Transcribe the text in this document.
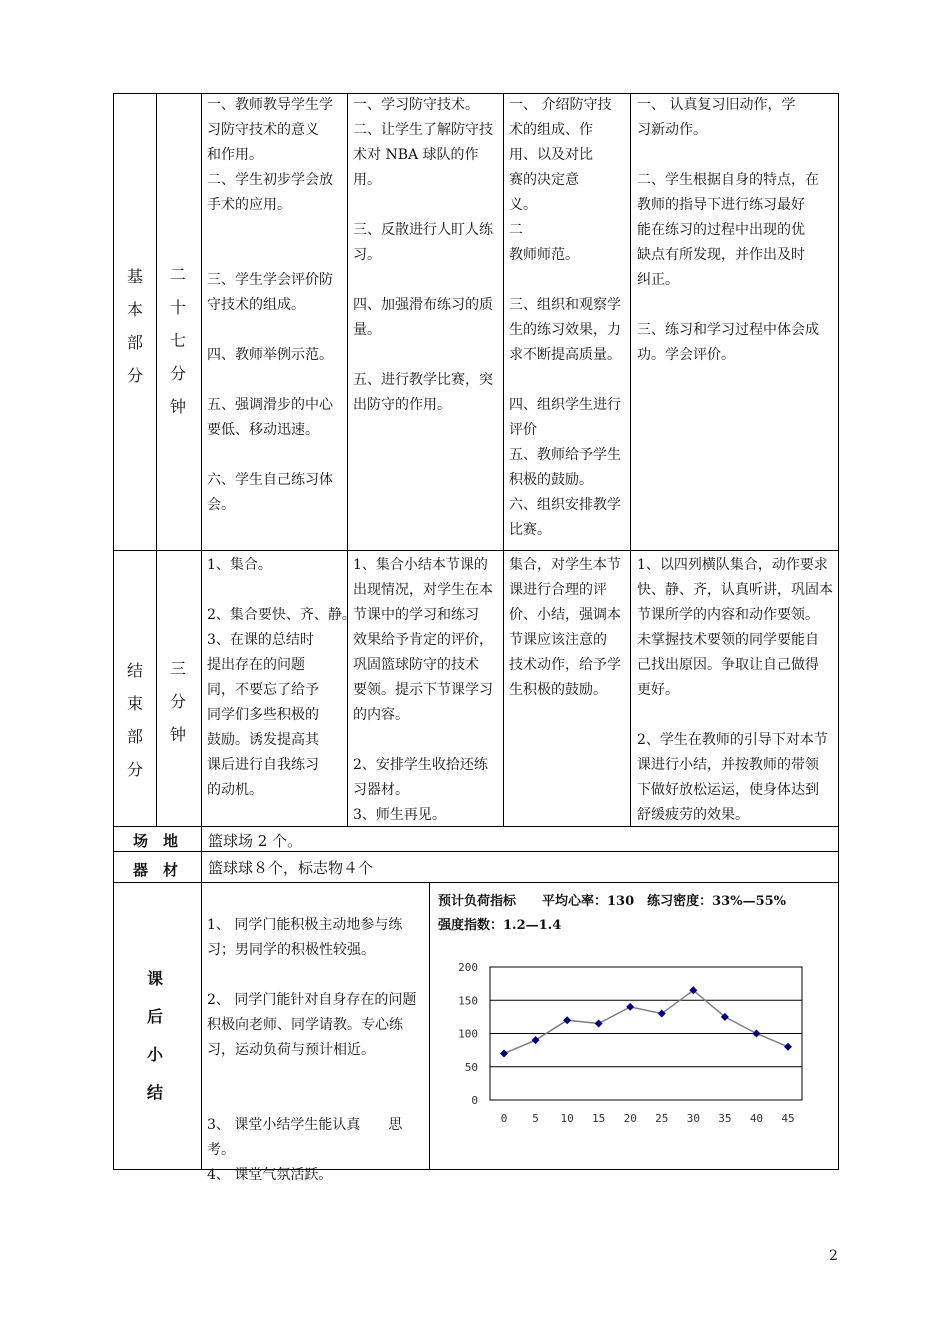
基本部分
二十七分钟

一、教师教导学生学

习防守技术的意义

和作用。

二、学生初步学会放

手术的应用。

三、学生学会评价防

守技术的组成。

四、教师举例示范。

五、强调滑步的中心

要低、移动迅速。

六、学生自己练习体

会。

一、学习防守技术。

二、让学生了解防守技

术对 NBA 球队的作

用。

三、反散进行人盯人练

习。

四、加强滑布练习的质

量。

五、进行教学比赛，突

出防守的作用。

一、 介绍防守技

术的组成、作

用、以及对比

赛的决定意

义。

二

教师师范。

三、组织和观察学

生的练习效果，力

求不断提高质量。

四、组织学生进行

评价

五、教师给予学生

积极的鼓励。

六、组织安排教学

比赛。

一、 认真复习旧动作，学

习新动作。

二、学生根据自身的特点，在

教师的指导下进行练习最好

能在练习的过程中出现的优

缺点有所发现，并作出及时

纠正。

三、练习和学习过程中体会成

功。学会评价。

结束部分
三分钟

1、集合。

2、集合要快、齐、静。

3、在课的总结时

提出存在的问题

同，不要忘了给予

同学们多些积极的

鼓励。诱发提高其

课后进行自我练习

的动机。

1、集合小结本节课的

出现情况，对学生在本

节课中的学习和练习

效果给予肯定的评价，

巩固篮球防守的技术

要领。提示下节课学习

的内容。

2、安排学生收拾还练

习器材。

3、师生再见。

集合，对学生本节

课进行合理的评

价、小结，强调本

节课应该注意的

技术动作，给予学

生积极的鼓励。

1、以四列横队集合，动作要求

快、静、齐，认真听讲，巩固本

节课所学的内容和动作要领。

未掌握技术要领的同学要能自

己找出原因。争取让自己做得

更好。

2、学生在教师的引导下对本节

课进行小结，并按教师的带领

下做好放松运运，使身体达到

舒缓疲劳的效果。

场　地 篮球场 2 个。
器　材 篮球球８个，标志物４个
课后小结

1、 同学门能积极主动地参与练

习；男同学的积极性较强。

2、 同学门能针对自身存在的问题

积极向老师、同学请教。专心练

习，运动负荷与预计相近。

3、 课堂小结学生能认真　　思

考。

4、 课堂气氛活跃。

预计负荷指标　　平均心率：130　练习密度：33%—55%
强度指数：1.2—1.4
0
50
100
150
200
0 5 10 15 20 25 30 35 40 45
2
